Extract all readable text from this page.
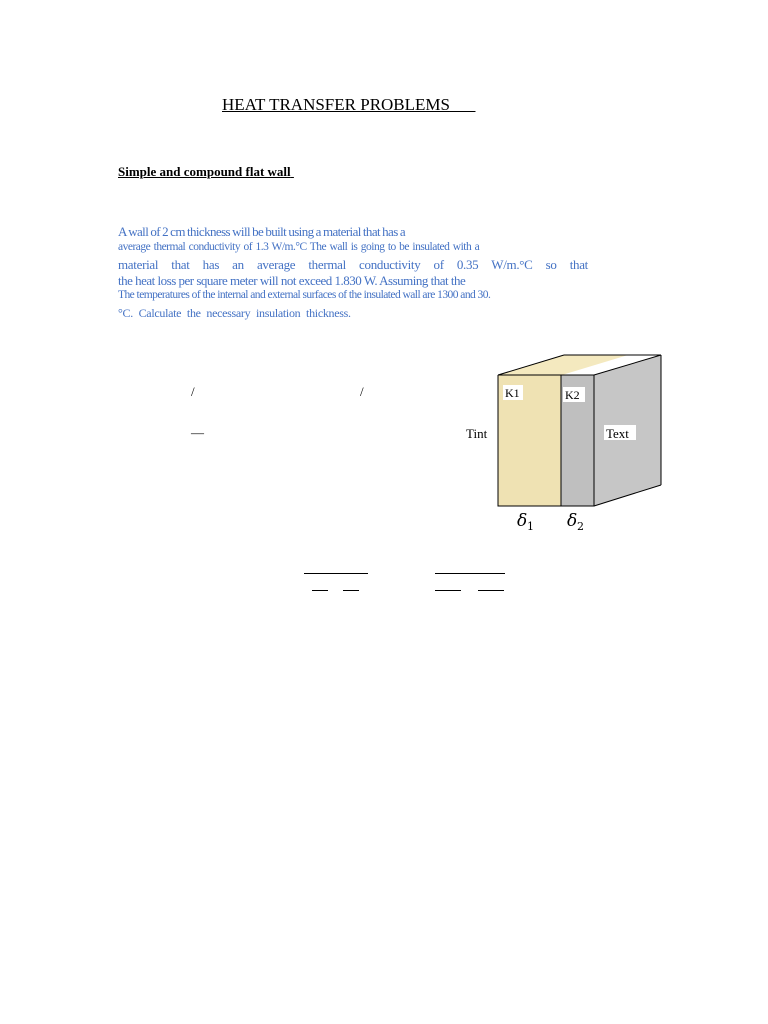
HEAT TRANSFER PROBLEMS
Simple and compound flat wall
A wall of 2 cm thickness will be built using a material that has a
average thermal conductivity of 1.3 W/m.°C The wall is going to be insulated with a
material that has an average thermal conductivity of 0.35 W/m.°C so that
the heat loss per square meter will not exceed 1.830 W. Assuming that the
The temperatures of the internal and external surfaces of the insulated wall are 1300 and 30.
°C. Calculate the necessary insulation thickness.
/	/
—
K1	K2
Text
Tint
δ 1 δ 2
